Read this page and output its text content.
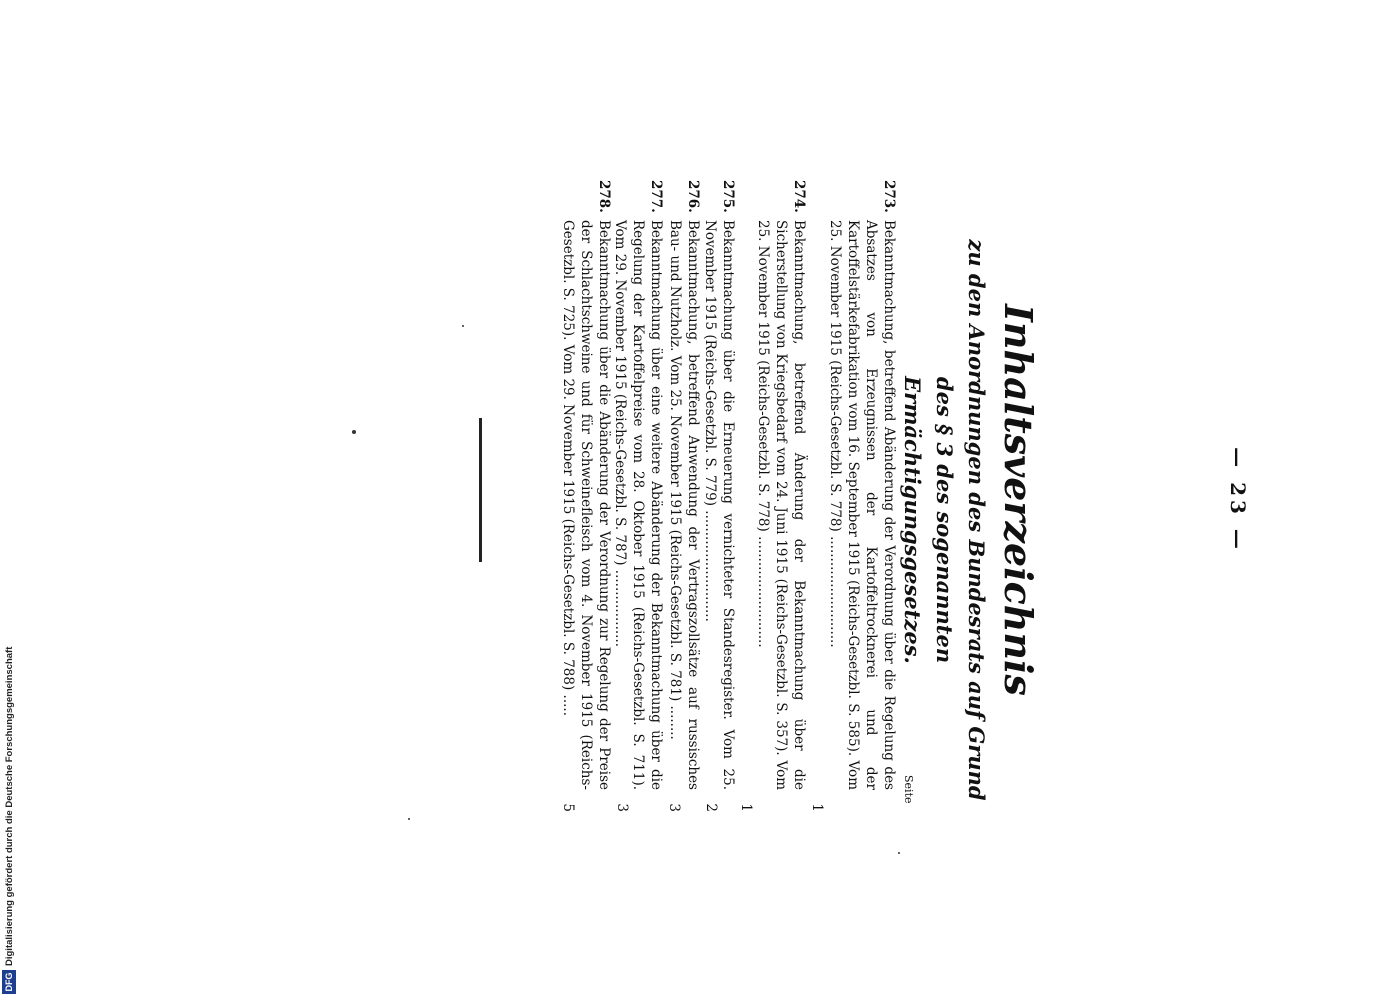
— 23 —
Inhaltsverzeichnis
zu den Anordnungen des Bundesrats auf Grund des § 3 des sogenannten Ermächtigungsgesetzes.
Seite
273.
Bekanntmachung, betreffend Abänderung der Verordnung über die Regelung des Absatzes von Erzeugnissen der Kartoffeltrocknerei und der Kartoffelstärkefabrikation vom 16. September 1915 (Reichs-Gesetzbl. S. 585). Vom 25. November 1915 (Reichs-Gesetzbl. S. 778) ..........................
1
274.
Bekanntmachung, betreffend Änderung der Bekanntmachung über die Sicherstellung von Kriegsbedarf vom 24. Juni 1915 (Reichs-Gesetzbl. S. 357). Vom 25. November 1915 (Reichs-Gesetzbl. S. 778) ..........................
1
275.
Bekanntmachung über die Erneuerung vernichteter Standesregister. Vom 25. November 1915 (Reichs-Gesetzbl. S. 779) ..........................
2
276.
Bekanntmachung, betreffend Anwendung der Vertragszollsätze auf russisches Bau- und Nutzholz. Vom 25. November 1915 (Reichs-Gesetzbl. S. 781) ........
3
277.
Bekanntmachung über eine weitere Abänderung der Bekanntmachung über die Regelung der Kartoffelpreise vom 28. Oktober 1915 (Reichs-Gesetzbl. S. 711). Vom 29. November 1915 (Reichs-Gesetzbl. S. 787) ..................
3
278.
Bekanntmachung über die Abänderung der Verordnung zur Regelung der Preise der Schlachtschweine und für Schweinefleisch vom 4. November 1915 (Reichs-Gesetzbl. S. 725). Vom 29. November 1915 (Reichs-Gesetzbl. S. 788) .....
5
DFG
Digitalisierung gefördert durch die Deutsche Forschungsgemeinschaft
